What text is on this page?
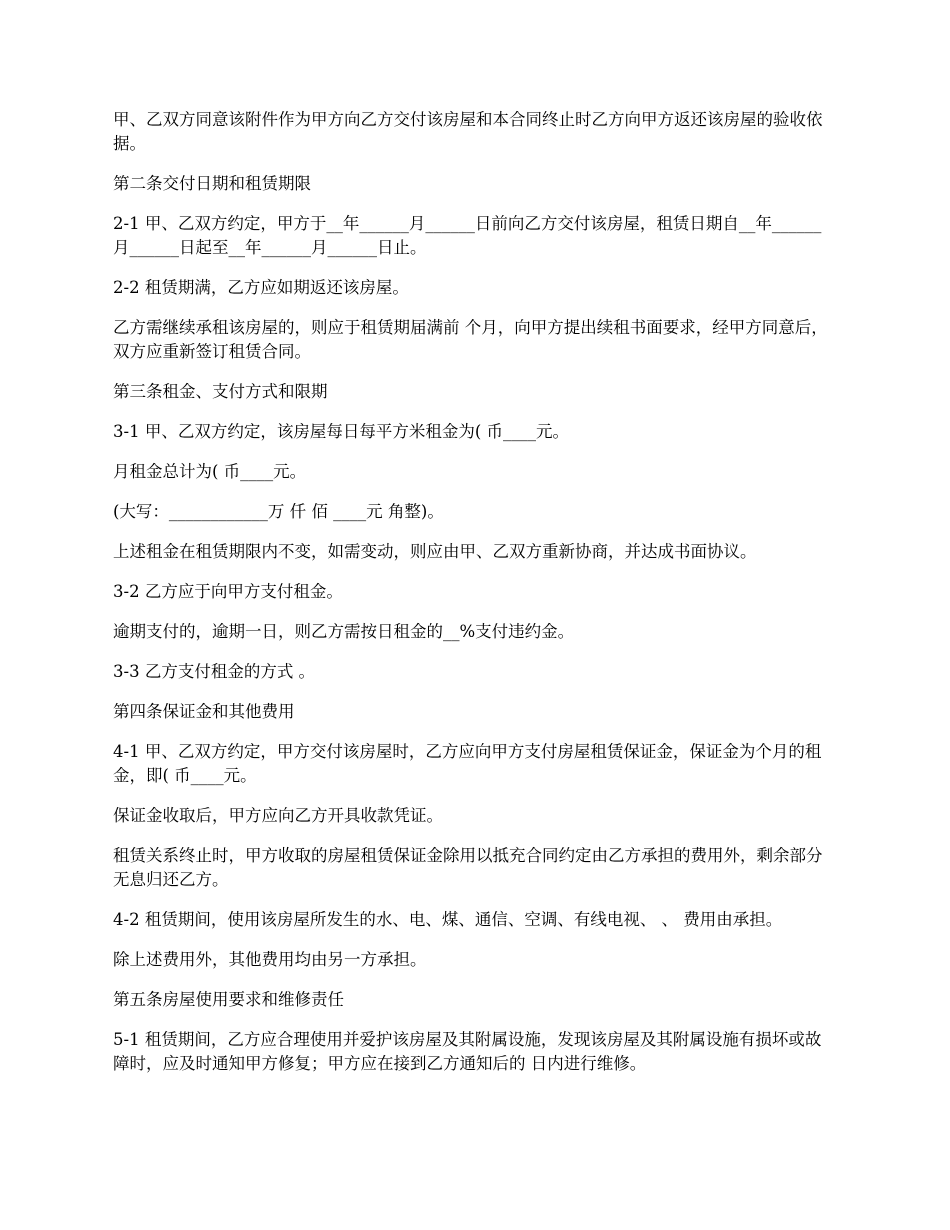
甲、乙双方同意该附件作为甲方向乙方交付该房屋和本合同终止时乙方向甲方返还该房屋的验收依据。

第二条交付日期和租赁期限

2-1 甲、乙双方约定，甲方于__年______月______日前向乙方交付该房屋，租赁日期自__年______月______日起至__年______月______日止。

2-2 租赁期满，乙方应如期返还该房屋。

乙方需继续承租该房屋的，则应于租赁期届满前 个月，向甲方提出续租书面要求，经甲方同意后，双方应重新签订租赁合同。

第三条租金、支付方式和限期

3-1 甲、乙双方约定，该房屋每日每平方米租金为( 币____元。

月租金总计为( 币____元。

(大写：____________万 仟 佰 ____元 角整)。

上述租金在租赁期限内不变，如需变动，则应由甲、乙双方重新协商，并达成书面协议。

3-2 乙方应于向甲方支付租金。

逾期支付的，逾期一日，则乙方需按日租金的__%支付违约金。

3-3 乙方支付租金的方式 。

第四条保证金和其他费用

4-1 甲、乙双方约定，甲方交付该房屋时，乙方应向甲方支付房屋租赁保证金，保证金为个月的租金，即( 币____元。

保证金收取后，甲方应向乙方开具收款凭证。

租赁关系终止时，甲方收取的房屋租赁保证金除用以抵充合同约定由乙方承担的费用外，剩余部分无息归还乙方。

4-2 租赁期间，使用该房屋所发生的水、电、煤、通信、空调、有线电视、 、 费用由承担。

除上述费用外，其他费用均由另一方承担。

第五条房屋使用要求和维修责任

5-1 租赁期间，乙方应合理使用并爱护该房屋及其附属设施，发现该房屋及其附属设施有损坏或故障时，应及时通知甲方修复；甲方应在接到乙方通知后的 日内进行维修。
